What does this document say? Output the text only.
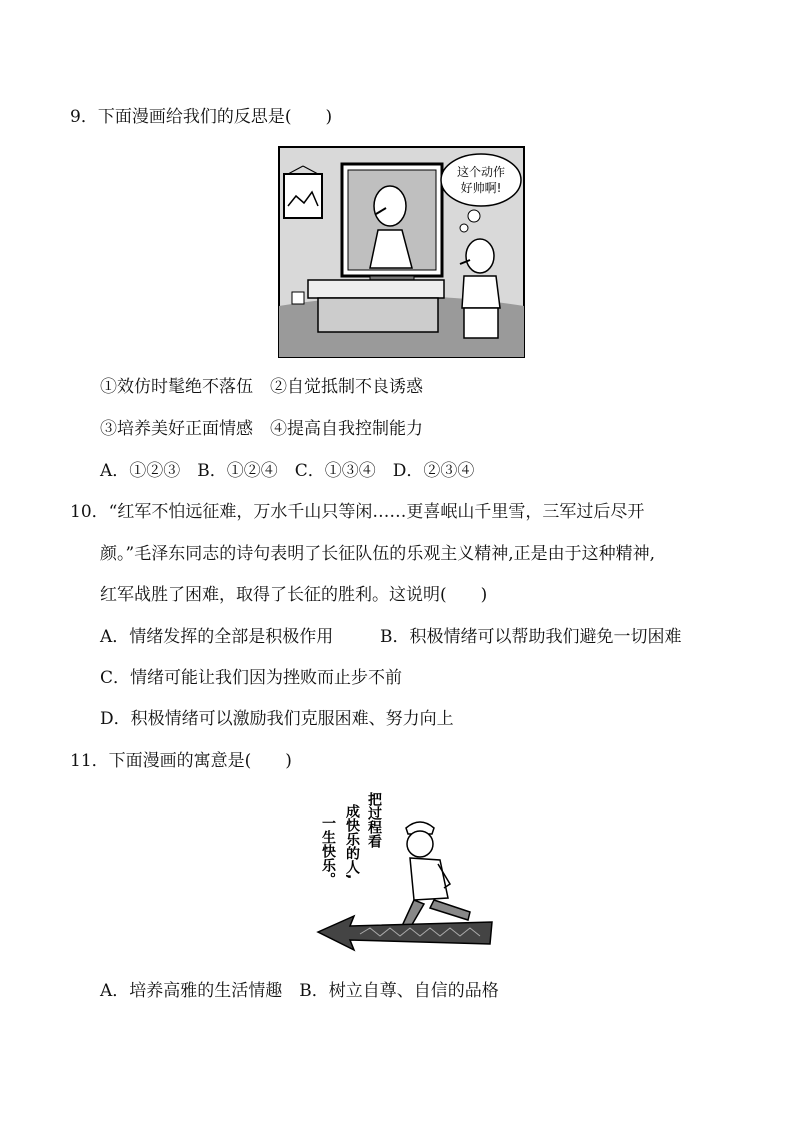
9．下面漫画给我们的反思是(　　)
这个动作
好帅啊!
①效仿时髦绝不落伍　②自觉抵制不良诱惑
③培养美好正面情感　④提高自我控制能力
A．①②③　B．①②④　C．①③④　D．②③④
10．“红军不怕远征难，万水千山只等闲……更喜岷山千里雪，三军过后尽开
颜。”毛泽东同志的诗句表明了长征队伍的乐观主义精神,正是由于这种精神,
红军战胜了困难，取得了长征的胜利。这说明(　　)
A．情绪发挥的全部是积极作用	B．积极情绪可以帮助我们避免一切困难
C．情绪可能让我们因为挫败而止步不前
D．积极情绪可以激励我们克服困难、努力向上
11．下面漫画的寓意是(　　)
把过程看
成快乐的人,
一生快乐。
A．培养高雅的生活情趣　B．树立自尊、自信的品格
